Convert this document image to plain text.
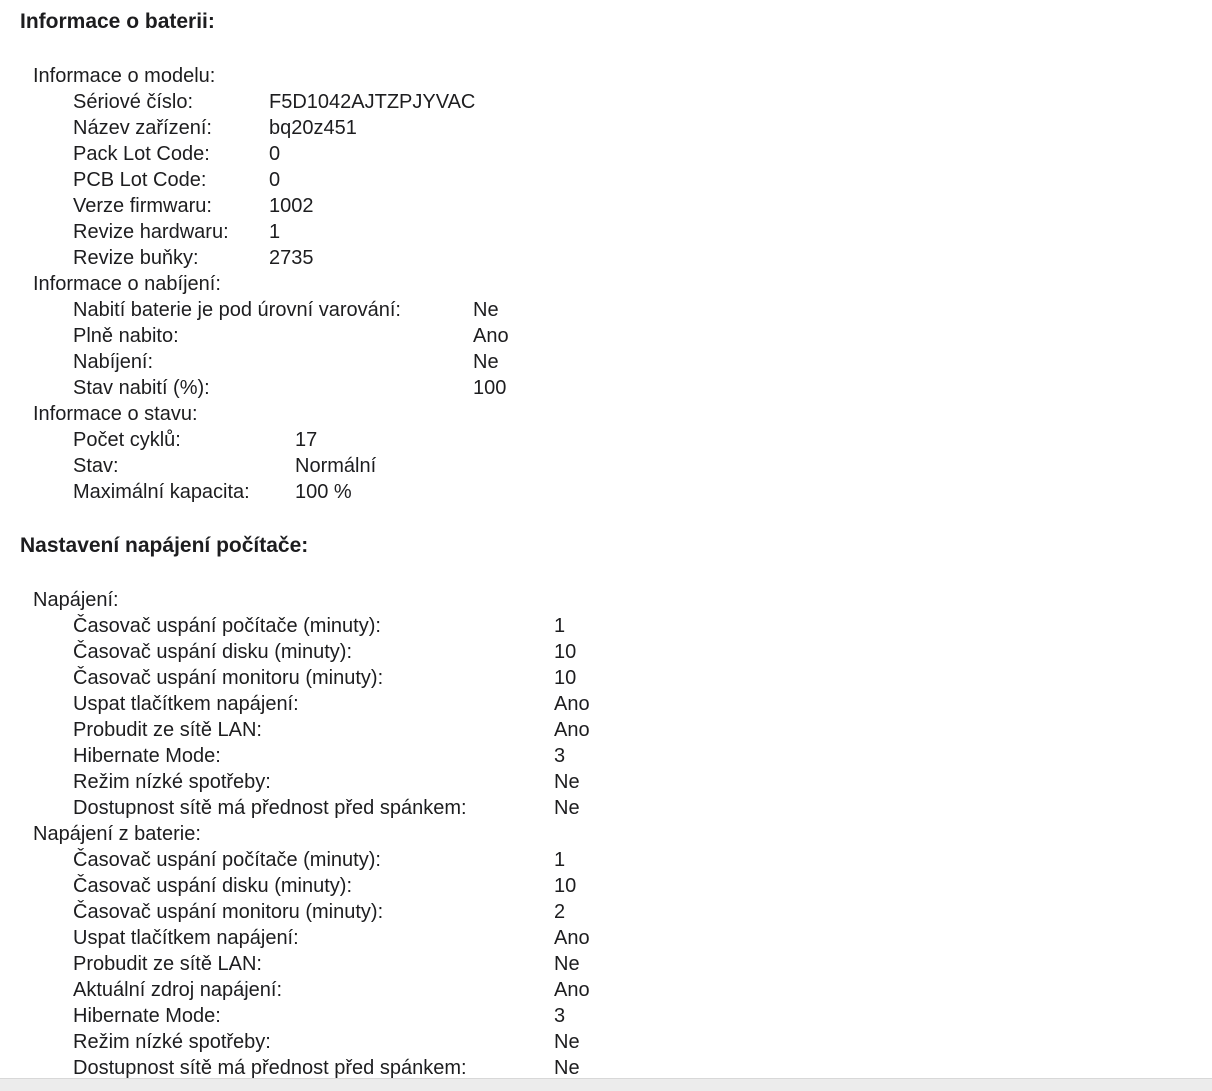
Informace o baterii:
Informace o modelu:
Sériové číslo:	F5D1042AJTZPJYVAC
Název zařízení:	bq20z451
Pack Lot Code:	0
PCB Lot Code:	0
Verze firmwaru:	1002
Revize hardwaru: 1
Revize buňky:	2735
Informace o nabíjení:
Nabití baterie je pod úrovní varování:	Ne
Plně nabito:	Ano
Nabíjení:	Ne
Stav nabití (%):	100
Informace o stavu:
Počet cyklů:	17
Stav:	Normální
Maximální kapacita: 100 %
Nastavení napájení počítače:
Napájení:
Časovač uspání počítače (minuty):	1
Časovač uspání disku (minuty):	10
Časovač uspání monitoru (minuty):	10
Uspat tlačítkem napájení:	Ano
Probudit ze sítě LAN:	Ano
Hibernate Mode:	3
Režim nízké spotřeby:	Ne
Dostupnost sítě má přednost před spánkem:	Ne
Napájení z baterie:
Časovač uspání počítače (minuty):	1
Časovač uspání disku (minuty):	10
Časovač uspání monitoru (minuty):	2
Uspat tlačítkem napájení:	Ano
Probudit ze sítě LAN:	Ne
Aktuální zdroj napájení:	Ano
Hibernate Mode:	3
Režim nízké spotřeby:	Ne
Dostupnost sítě má přednost před spánkem:	Ne
